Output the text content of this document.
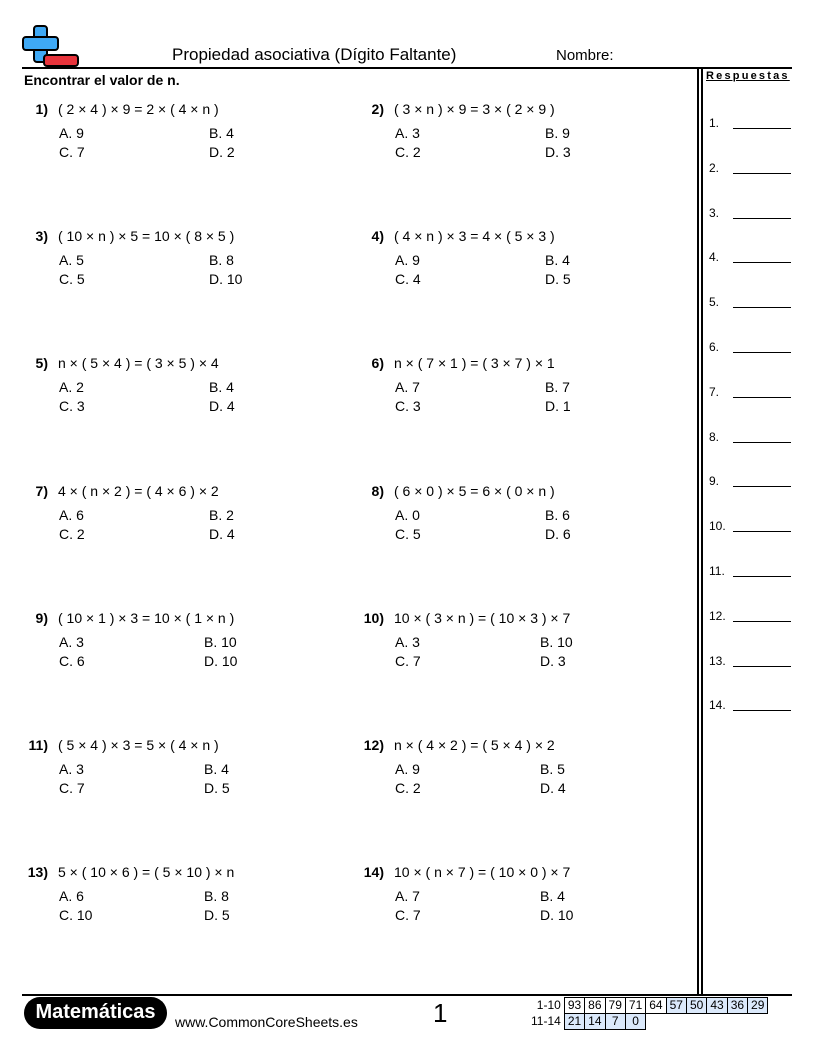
Propiedad asociativa (Dígito Faltante)	Nombre:
Encontrar el valor de n.	Respuestas
1.
2.
3.
4.
5.
6.
7.
8.
9.
10.
11.
12.
13.
14.
1) ( 2 × 4 ) × 9 = 2 × ( 4 × n )
A. 9	B. 4
C. 7	D. 2
2) ( 3 × n ) × 9 = 3 × ( 2 × 9 )
A. 3	B. 9
C. 2	D. 3
3) ( 10 × n ) × 5 = 10 × ( 8 × 5 )
A. 5	B. 8
C. 5	D. 10
4) ( 4 × n ) × 3 = 4 × ( 5 × 3 )
A. 9	B. 4
C. 4	D. 5
5) n × ( 5 × 4 ) = ( 3 × 5 ) × 4
A. 2	B. 4
C. 3	D. 4
6) n × ( 7 × 1 ) = ( 3 × 7 ) × 1
A. 7	B. 7
C. 3	D. 1
7) 4 × ( n × 2 ) = ( 4 × 6 ) × 2
A. 6	B. 2
C. 2	D. 4
8) ( 6 × 0 ) × 5 = 6 × ( 0 × n )
A. 0	B. 6
C. 5	D. 6
9) ( 10 × 1 ) × 3 = 10 × ( 1 × n )
A. 3	B. 10
C. 6	D. 10
10) 10 × ( 3 × n ) = ( 10 × 3 ) × 7
A. 3	B. 10
C. 7	D. 3
11) ( 5 × 4 ) × 3 = 5 × ( 4 × n )
A. 3	B. 4
C. 7	D. 5
12) n × ( 4 × 2 ) = ( 5 × 4 ) × 2
A. 9	B. 5
C. 2	D. 4
13) 5 × ( 10 × 6 ) = ( 5 × 10 ) × n
A. 6	B. 8
C. 10	D. 5
14) 10 × ( n × 7 ) = ( 10 × 0 ) × 7
A. 7	B. 4
C. 7	D. 10
Matemáticas	www.CommonCoreSheets.es	1	1-10	93	86	79	71	64	57	50	43	36	29
11-14	21	14	7	0						
